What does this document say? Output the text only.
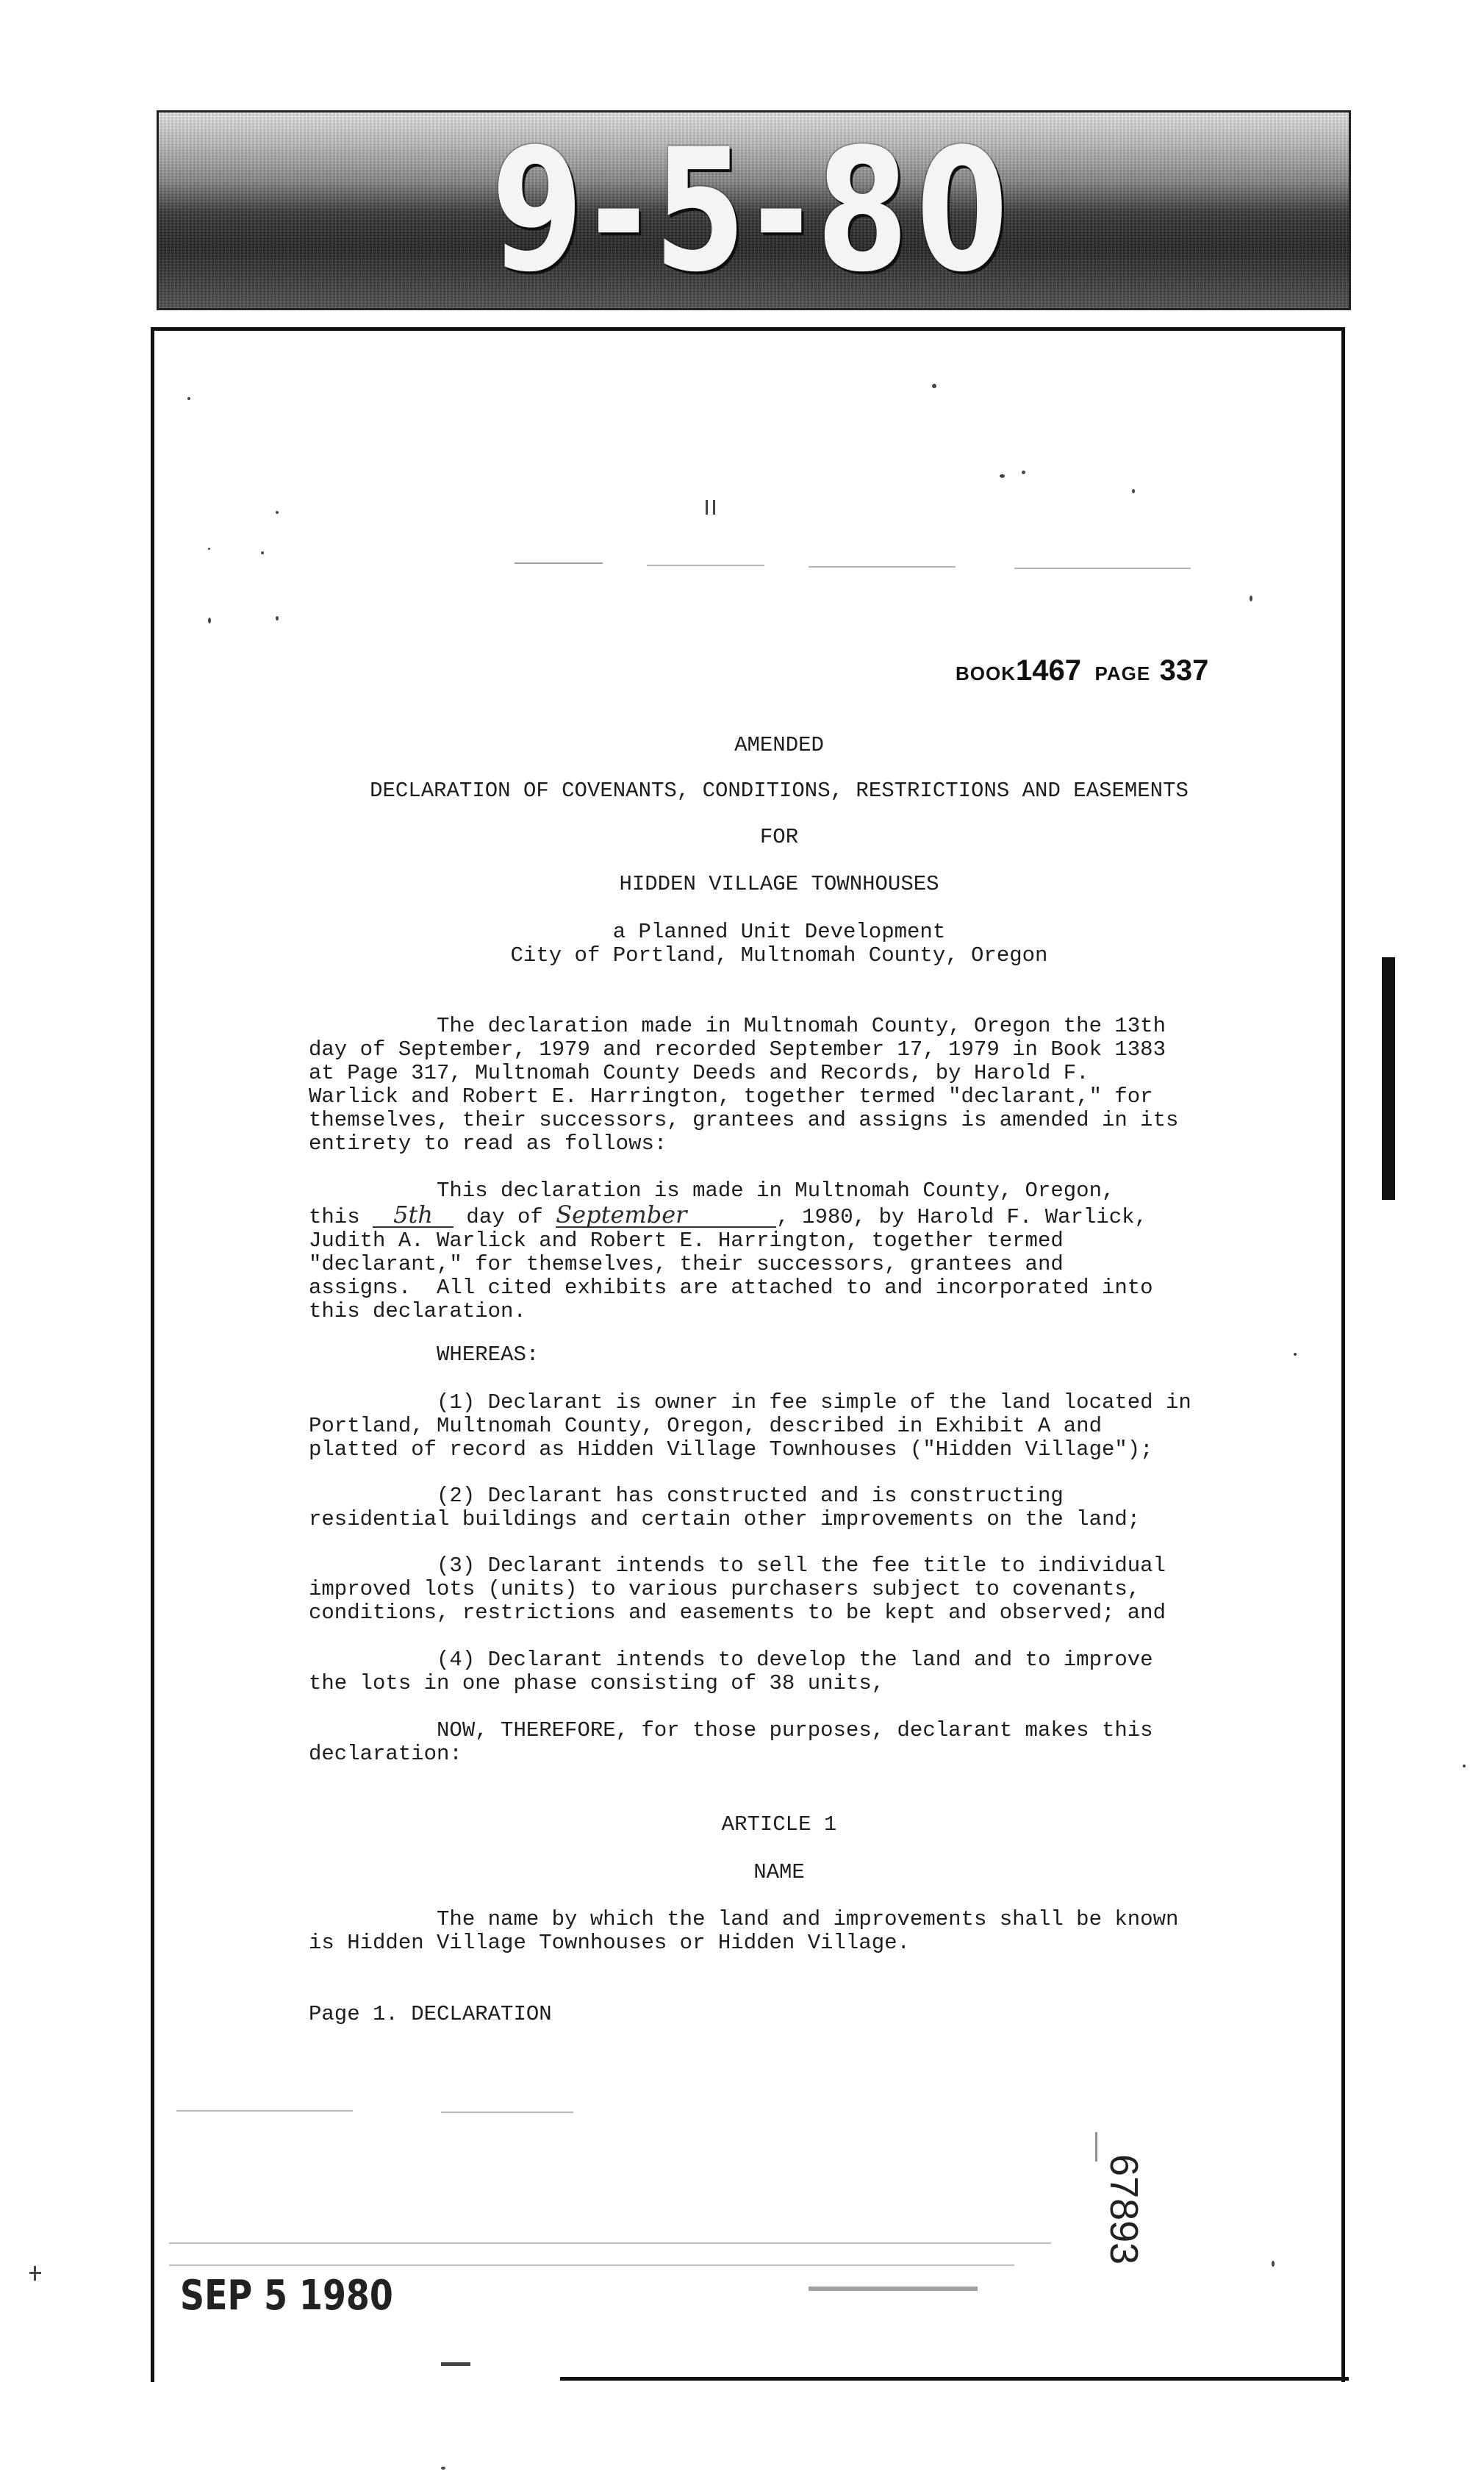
9-5-80
BOOK1467 PAGE 337
AMENDED
DECLARATION OF COVENANTS, CONDITIONS, RESTRICTIONS AND EASEMENTS
FOR
HIDDEN VILLAGE TOWNHOUSES
a Planned Unit Development
City of Portland, Multnomah County, Oregon

The declaration made in Multnomah County, Oregon the 13th

day of September, 1979 and recorded September 17, 1979 in Book 1383

at Page 317, Multnomah County Deeds and Records, by Harold F.

Warlick and Robert E. Harrington, together termed "declarant," for

themselves, their successors, grantees and assigns is amended in its

entirety to read as follows:

This declaration is made in Multnomah County, Oregon,

this 5th day of September	, 1980, by Harold F. Warlick,

Judith A. Warlick and Robert E. Harrington, together termed

"declarant," for themselves, their successors, grantees and

assigns.  All cited exhibits are attached to and incorporated into

this declaration.

WHEREAS:

(1) Declarant is owner in fee simple of the land located in

Portland, Multnomah County, Oregon, described in Exhibit A and

platted of record as Hidden Village Townhouses ("Hidden Village");

(2) Declarant has constructed and is constructing

residential buildings and certain other improvements on the land;

(3) Declarant intends to sell the fee title to individual

improved lots (units) to various purchasers subject to covenants,

conditions, restrictions and easements to be kept and observed; and

(4) Declarant intends to develop the land and to improve

the lots in one phase consisting of 38 units,

NOW, THEREFORE, for those purposes, declarant makes this

declaration:

ARTICLE 1
NAME

The name by which the land and improvements shall be known

is Hidden Village Townhouses or Hidden Village.

Page 1. DECLARATION
67893
SEP 5 1980
